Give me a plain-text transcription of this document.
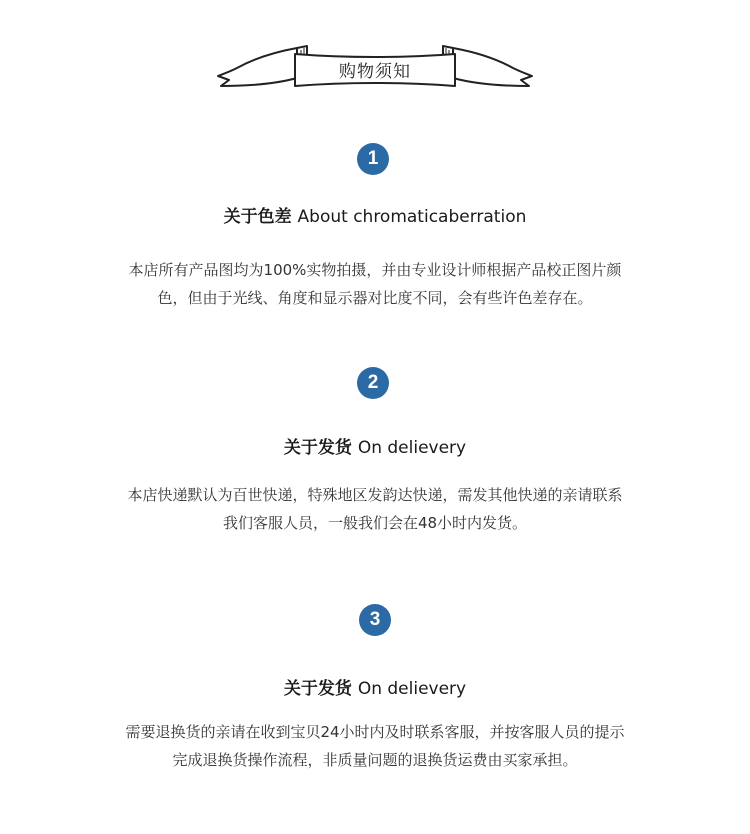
购物须知
1
关于色差 About chromaticaberration
本店所有产品图均为100%实物拍摄，并由专业设计师根据产品校正图片颜
色，但由于光线、角度和显示器对比度不同，会有些许色差存在。
2
关于发货 On delievery
本店快递默认为百世快递，特殊地区发韵达快递，需发其他快递的亲请联系
我们客服人员，一般我们会在48小时内发货。
3
关于发货 On delievery
需要退换货的亲请在收到宝贝24小时内及时联系客服，并按客服人员的提示
完成退换货操作流程，非质量问题的退换货运费由买家承担。
